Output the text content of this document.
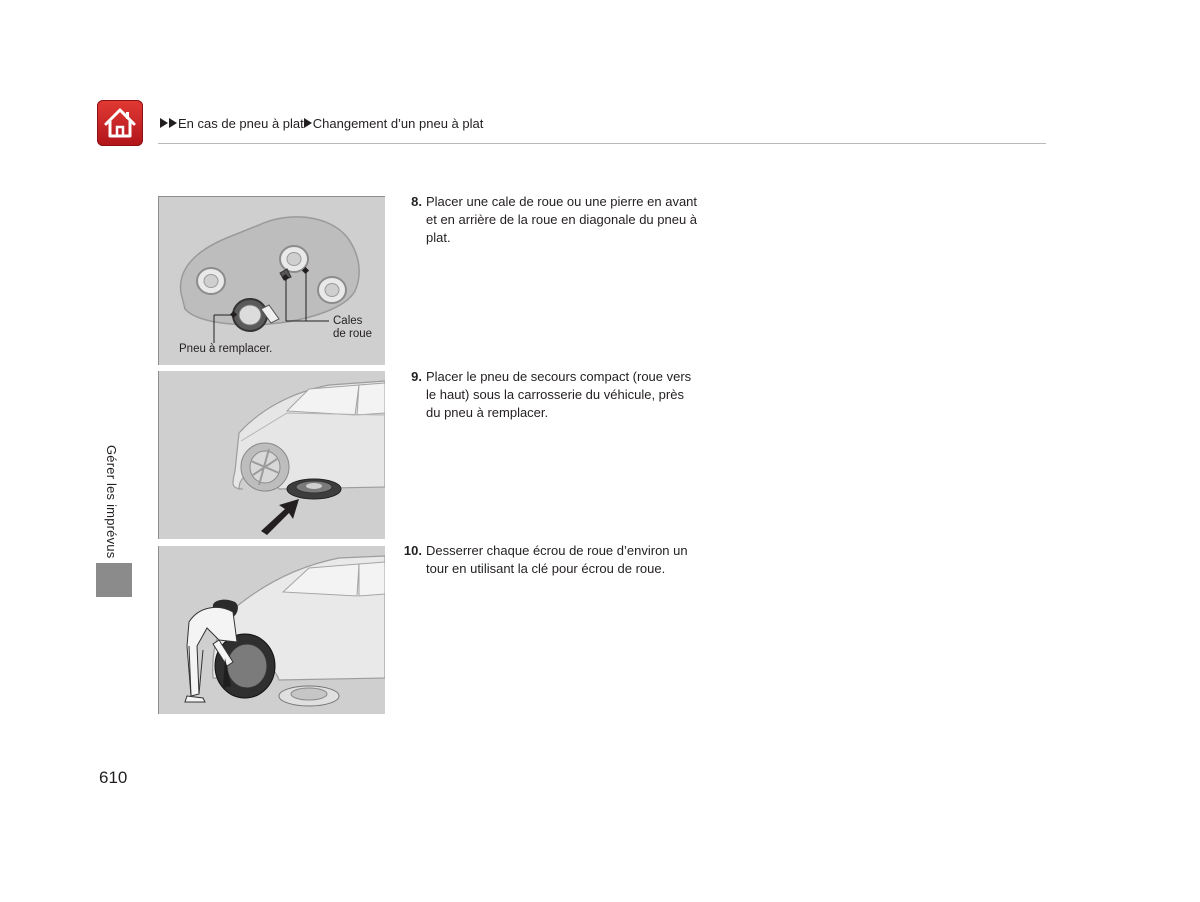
En cas de pneu à plat Changement d’un pneu à plat
Gérer les imprévus
Pneu à remplacer.
Cales
de roue
8. Placer une cale de roue ou une pierre en avant et en arrière de la roue en diagonale du pneu à plat.
9. Placer le pneu de secours compact (roue vers le haut) sous la carrosserie du véhicule, près du pneu à remplacer.
10. Desserrer chaque écrou de roue d’environ un tour en utilisant la clé pour écrou de roue.
610
